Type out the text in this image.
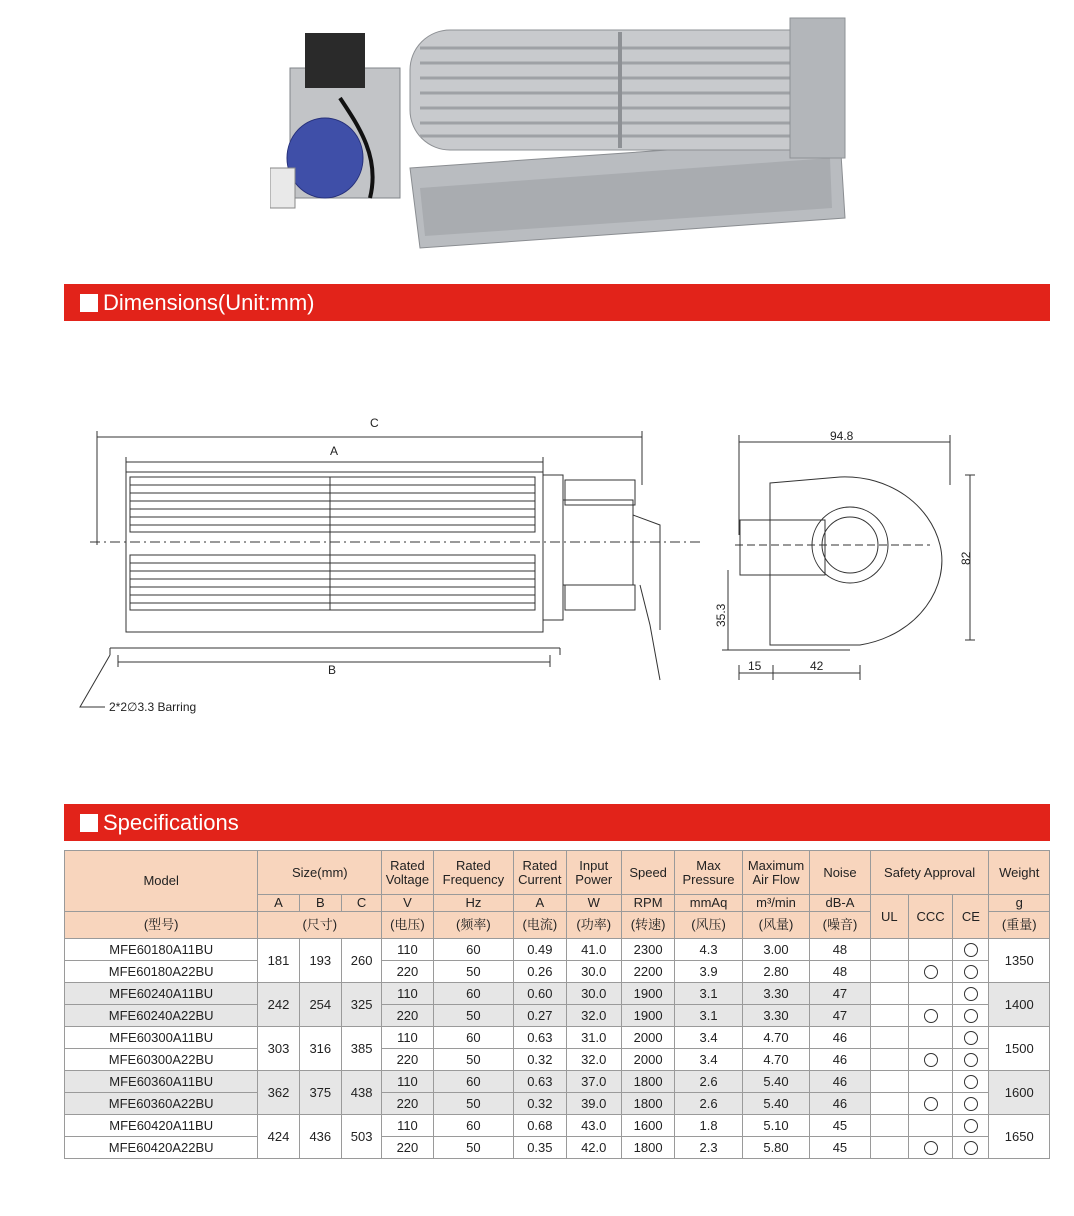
Dimensions(Unit:mm)
C
A
B
2*2∅3.3 Barring
94.8
82
35.3
15	42
Specifications
Model	Size(mm)			Rated Voltage	Rated Frequency	Rated Current	Input Power	Speed	Max Pressure	Maximum Air Flow	Noise	Safety Approval			Weight
	A	B	C	V	Hz	A	W	RPM	mmAq	m³/min	dB-A	UL	CCC	CE	g
(型号)	(尺寸)			(电压)	(频率)	(电流)	(功率)	(转速)	(风压)	(风量)	(噪音)				(重量)
MFE60180A11BU	181	193	260	110	60	0.49	41.0	2300	4.3	3.00	48				1350
MFE60180A22BU				220	50	0.26	30.0	2200	3.9	2.80	48				
MFE60240A11BU	242	254	325	110	60	0.60	30.0	1900	3.1	3.30	47				1400
MFE60240A22BU				220	50	0.27	32.0	1900	3.1	3.30	47				
MFE60300A11BU	303	316	385	110	60	0.63	31.0	2000	3.4	4.70	46				1500
MFE60300A22BU				220	50	0.32	32.0	2000	3.4	4.70	46				
MFE60360A11BU	362	375	438	110	60	0.63	37.0	1800	2.6	5.40	46				1600
MFE60360A22BU				220	50	0.32	39.0	1800	2.6	5.40	46				
MFE60420A11BU	424	436	503	110	60	0.68	43.0	1600	1.8	5.10	45				1650
MFE60420A22BU				220	50	0.35	42.0	1800	2.3	5.80	45				
